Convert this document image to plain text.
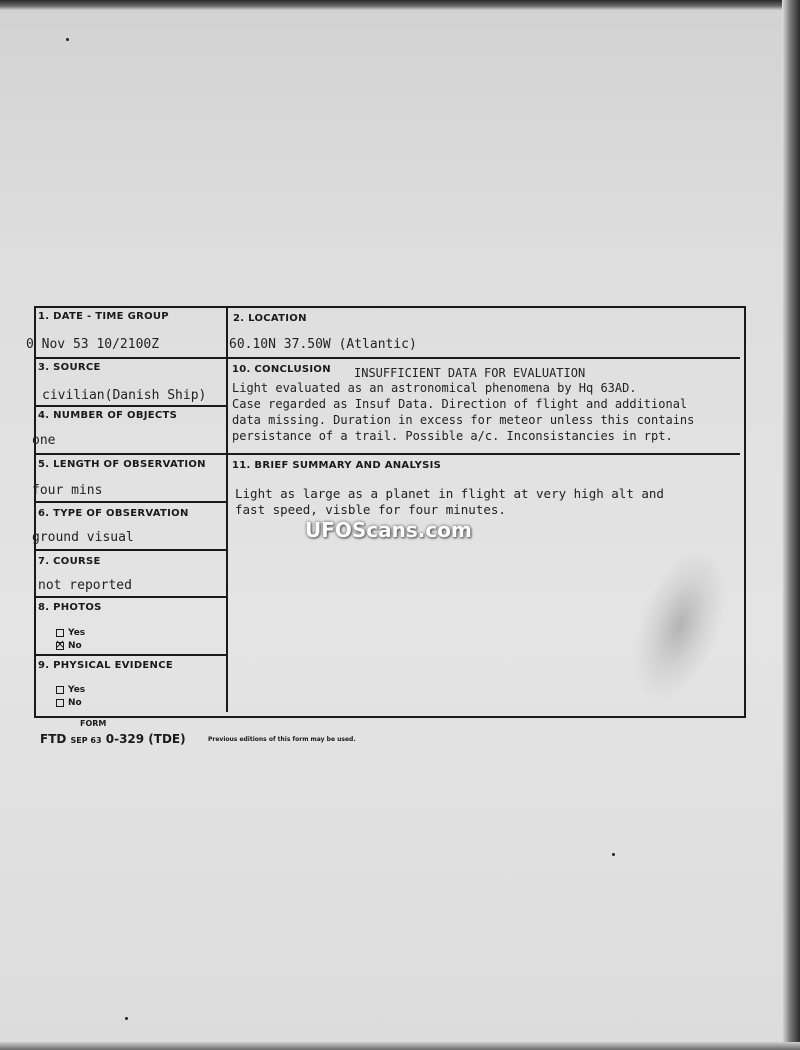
1. DATE - TIME GROUP
0 Nov 53 10/2100Z
2. LOCATION
60.10N 37.50W (Atlantic)
3. SOURCE
civilian(Danish Ship)
4. NUMBER OF OBJECTS
one
10. CONCLUSION INSUFFICIENT DATA FOR EVALUATION
Light evaluated as an astronomical phenomena by Hq 63AD.
Case regarded as Insuf Data. Direction of flight and additional
data missing. Duration in excess for meteor unless this contains
persistance of a trail. Possible a/c. Inconsistancies in rpt.
5. LENGTH OF OBSERVATION
four mins
11. BRIEF SUMMARY AND ANALYSIS
Light as large as a planet in flight at very high alt and
fast speed, visble for four minutes.
6. TYPE OF OBSERVATION
ground visual
7. COURSE
not reported
8. PHOTOS
Yes
×No
9. PHYSICAL EVIDENCE
Yes
No
UFOScans.com
FORM
FTD SEP 63 0-329 (TDE)	Previous editions of this form may be used.
